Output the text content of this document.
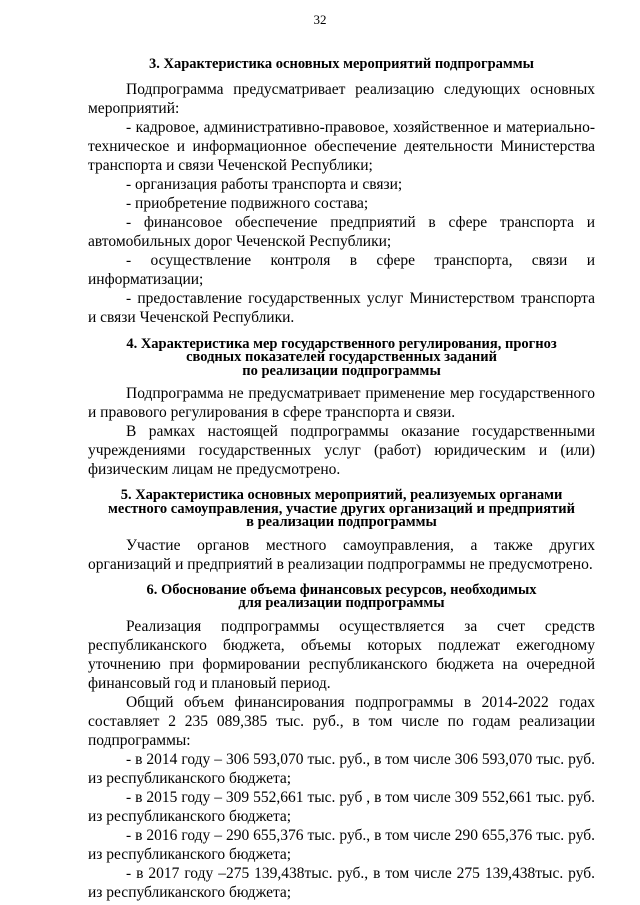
32
3. Характеристика основных мероприятий подпрограммы

Подпрограмма предусматривает реализацию следующих основных мероприятий:

- кадровое, административно-правовое, хозяйственное и материально-техническое и информационное обеспечение деятельности Министерства транспорта и связи Чеченской Республики;

- организация работы транспорта и связи;

- приобретение подвижного состава;

- финансовое обеспечение предприятий в сфере транспорта и автомобильных дорог Чеченской Республики;

- осуществление контроля в сфере транспорта, связи и информатизации;

- предоставление государственных услуг Министерством транспорта и связи Чеченской Республики.

4. Характеристика мер государственного регулирования, прогноз
сводных показателей государственных заданий
по реализации подпрограммы

Подпрограмма не предусматривает применение мер государственного и правового регулирования в сфере транспорта и связи.

В рамках настоящей подпрограммы оказание государственными учреждениями государственных услуг (работ) юридическим и (или) физическим лицам не предусмотрено.

5. Характеристика основных мероприятий, реализуемых органами
местного самоуправления, участие других организаций и предприятий
в реализации подпрограммы

Участие органов местного самоуправления, а также других организаций и предприятий в реализации подпрограммы не предусмотрено.

6. Обоснование объема финансовых ресурсов, необходимых
для реализации подпрограммы

Реализация подпрограммы осуществляется за счет средств республиканского бюджета, объемы которых подлежат ежегодному уточнению при формировании республиканского бюджета на очередной финансовый год и плановый период.

Общий объем финансирования подпрограммы в 2014-2022 годах составляет 2 235 089,385 тыс. руб., в том числе по годам реализации подпрограммы:

- в 2014 году – 306 593,070 тыс. руб., в том числе 306 593,070 тыс. руб. из республиканского бюджета;

- в 2015 году – 309 552,661 тыс. руб , в том числе 309 552,661 тыс. руб. из республиканского бюджета;

- в 2016 году – 290 655,376 тыс. руб., в том числе 290 655,376 тыс. руб. из республиканского бюджета;

- в 2017 году –275 139,438тыс. руб., в том числе 275 139,438тыс. руб. из республиканского бюджета;
